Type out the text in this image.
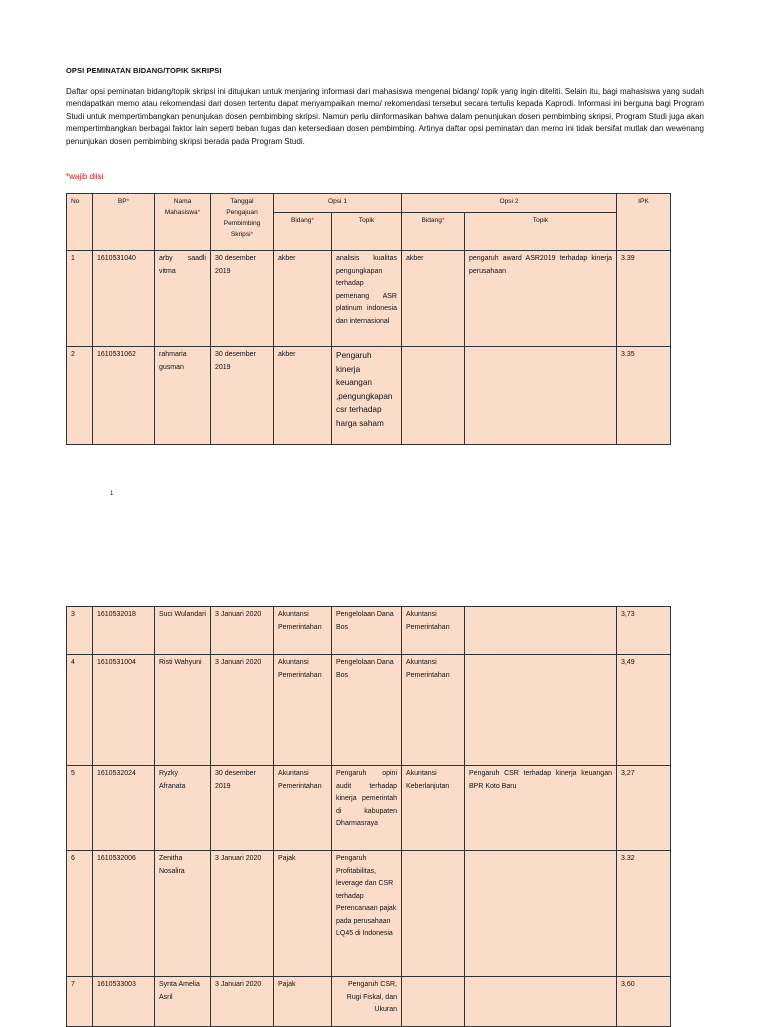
OPSI PEMINATAN BIDANG/TOPIK SKRIPSI
Daftar opsi peminatan bidang/topik skripsi ini ditujukan untuk menjaring informasi dari mahasiswa mengenai bidang/ topik yang ingin diteliti. Selain itu, bagi mahasiswa yang sudah mendapatkan memo atau rekomendasi dari dosen tertentu dapat menyampaikan memo/ rekomendasi tersebut secara tertulis kepada Kaprodi. Informasi ini berguna bagi Program Studi untuk mempertimbangkan penunjukan dosen pembimbing skripsi. Namun perlu diinformasikan bahwa dalam penunjukan dosen pembimbing skripsi, Program Studi juga akan mempertimbangkan berbagai faktor lain seperti beban tugas dan ketersediaan dosen pembimbing. Artinya daftar opsi peminatan dan memo ini tidak bersifat mutlak dan wewenang penunjukan dosen pembimbing skripsi berada pada Program Studi.
*wajib diisi
No	BP*	Nama Mahasiswa*	Tanggal Pengajuan Pembimbing Skripsi*	Opsi 1		Opsi 2		IPK
				Bidang*	Topik	Bidang*	Topik	
1	1610531040	arby saadli vitma	30 desember 2019	akber	analisis kualitas pengungkapan terhadap pemenang ASR platinum indonesia dan internasional	akber	pengaruh award ASR2019 terhadap kinerja perusahaan	3.39
2	1610531062	rahmaria gusman	30 desember 2019	akber	Pengaruh kinerja keuangan ,pengungkapan csr terhadap harga saham			3.35
1
3	1610532018	Suci Wulandari	3 Januari 2020	Akuntansi Pemerintahan	Pengelolaan Dana Bos	Akuntansi Pemerintahan		3,73
4	1610531004	Risti Wahyuni	3 Januari 2020	Akuntansi Pemerintahan	Pengelolaan Dana Bos	Akuntansi Pemerintahan		3,49
5	1610532024	Ryzky Afranata	30 desember 2019	Akuntansi Pemerintahan	Pengaruh opini audit terhadap kinerja pemerintah di kabupaten Dharmasraya	Akuntansi Keberlanjutan	Pengaruh CSR terhadap kinerja keuangan BPR Koto Baru	3,27
6	1610532006	Zenitha Nosalira	3 Januari 2020	Pajak	Pengaruh Profitabilitas, leverage dan CSR terhadap Perencanaan pajak pada perusahaan LQ45 di Indonesia			3.32
7	1610533003	Synta Amelia Asril	3 Januari 2020	Pajak	Pengaruh CSR, Rugi Fiskal, dan Ukuran			3,60
